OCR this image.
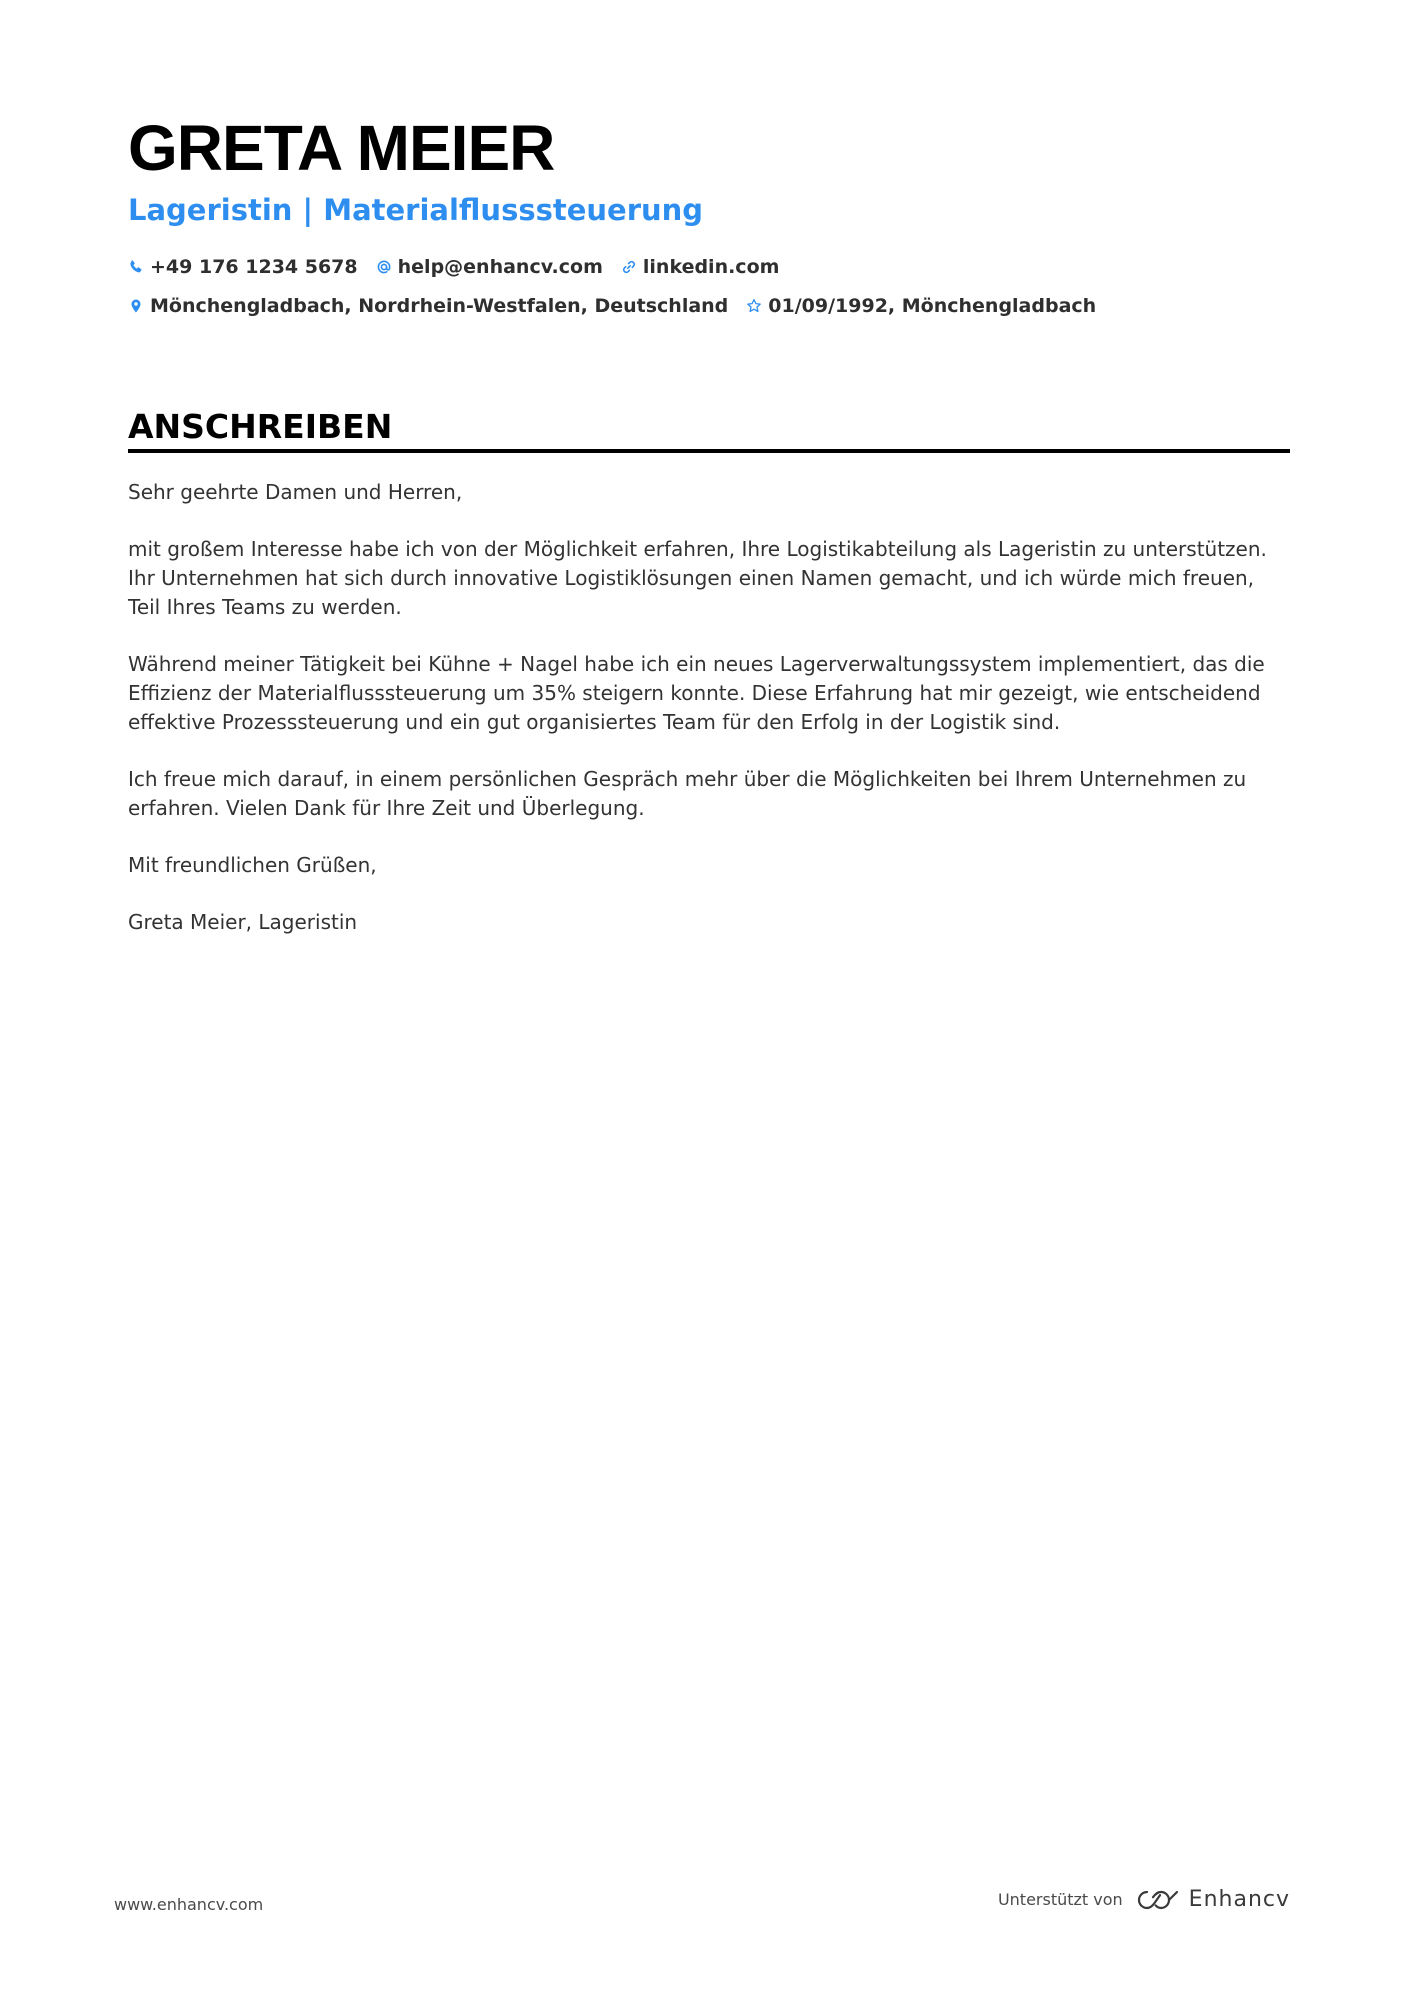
GRETA MEIER
Lageristin | Materialflusssteuerung
+49 176 1234 5678 help@enhancv.com linkedin.com
Mönchengladbach, Nordrhein-Westfalen, Deutschland 01/09/1992, Mönchengladbach
ANSCHREIBEN

Sehr geehrte Damen und Herren,

mit großem Interesse habe ich von der Möglichkeit erfahren, Ihre Logistikabteilung als Lageristin zu unterstützen. Ihr Unternehmen hat sich durch innovative Logistiklösungen einen Namen gemacht, und ich würde mich freuen, Teil Ihres Teams zu werden.

Während meiner Tätigkeit bei Kühne + Nagel habe ich ein neues Lagerverwaltungssystem implementiert, das die Effizienz der Materialflusssteuerung um 35% steigern konnte. Diese Erfahrung hat mir gezeigt, wie entscheidend effektive Prozesssteuerung und ein gut organisiertes Team für den Erfolg in der Logistik sind.

Ich freue mich darauf, in einem persönlichen Gespräch mehr über die Möglichkeiten bei Ihrem Unternehmen zu erfahren. Vielen Dank für Ihre Zeit und Überlegung.

Mit freundlichen Grüßen,

Greta Meier, Lageristin

www.enhancv.com	Unterstützt von	Enhancv
